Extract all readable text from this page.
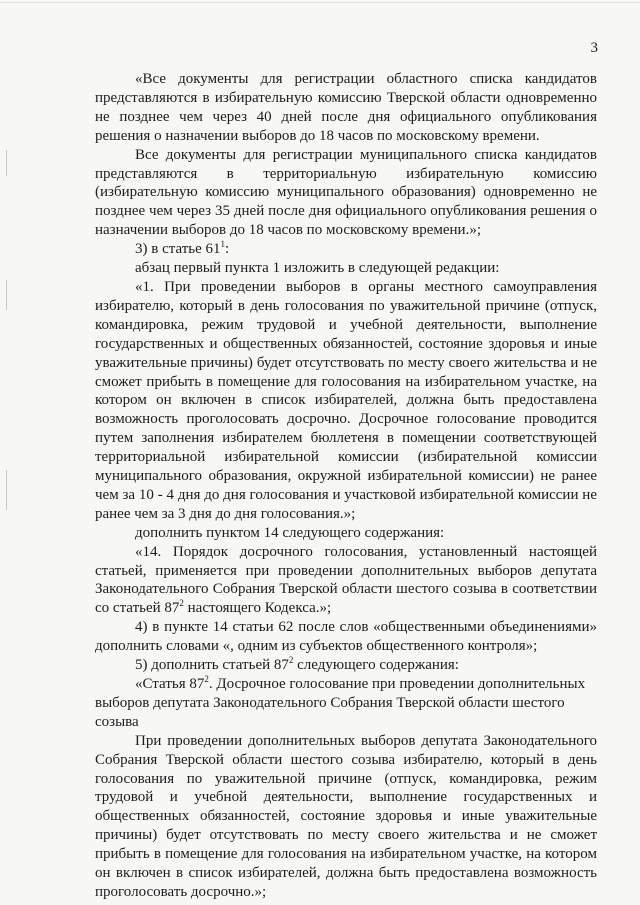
3

«Все документы для регистрации областного списка кандидатов представляются в избирательную комиссию Тверской области одновременно не позднее чем через 40 дней после дня официального опубликования решения о назначении выборов до 18 часов по московскому времени.

Все документы для регистрации муниципального списка кандидатов представляются в территориальную избирательную комиссию (избирательную комиссию муниципального образования) одновременно не позднее чем через 35 дней после дня официального опубликования решения о назначении выборов до 18 часов по московскому времени.»;

3) в статье $61^1$:

абзац первый пункта 1 изложить в следующей редакции:

«1. При проведении выборов в органы местного самоуправления избирателю, который в день голосования по уважительной причине (отпуск, командировка, режим трудовой и учебной деятельности, выполнение государственных и общественных обязанностей, состояние здоровья и иные уважительные причины) будет отсутствовать по месту своего жительства и не сможет прибыть в помещение для голосования на избирательном участке, на котором он включен в список избирателей, должна быть предоставлена возможность проголосовать досрочно. Досрочное голосование проводится путем заполнения избирателем бюллетеня в помещении соответствующей территориальной избирательной комиссии (избирательной комиссии муниципального образования, окружной избирательной комиссии) не ранее чем за 10 - 4 дня до дня голосования и участковой избирательной комиссии не ранее чем за 3 дня до дня голосования.»;

дополнить пунктом 14 следующего содержания:

«14. Порядок досрочного голосования, установленный настоящей статьей, применяется при проведении дополнительных выборов депутата Законодательного Собрания Тверской области шестого созыва в соответствии со статьей $87^2$ настоящего Кодекса.»;

4) в пункте 14 статьи 62 после слов «общественными объединениями» дополнить словами «, одним из субъектов общественного контроля»;

5) дополнить статьей $87^2$ следующего содержания:

«Статья $87^2$. Досрочное голосование при проведении дополнительных выборов депутата Законодательного Собрания Тверской области шестого созыва

При проведении дополнительных выборов депутата Законодательного Собрания Тверской области шестого созыва избирателю, который в день голосования по уважительной причине (отпуск, командировка, режим трудовой и учебной деятельности, выполнение государственных и общественных обязанностей, состояние здоровья и иные уважительные причины) будет отсутствовать по месту своего жительства и не сможет прибыть в помещение для голосования на избирательном участке, на котором он включен в список избирателей, должна быть предоставлена возможность проголосовать досрочно.»;
